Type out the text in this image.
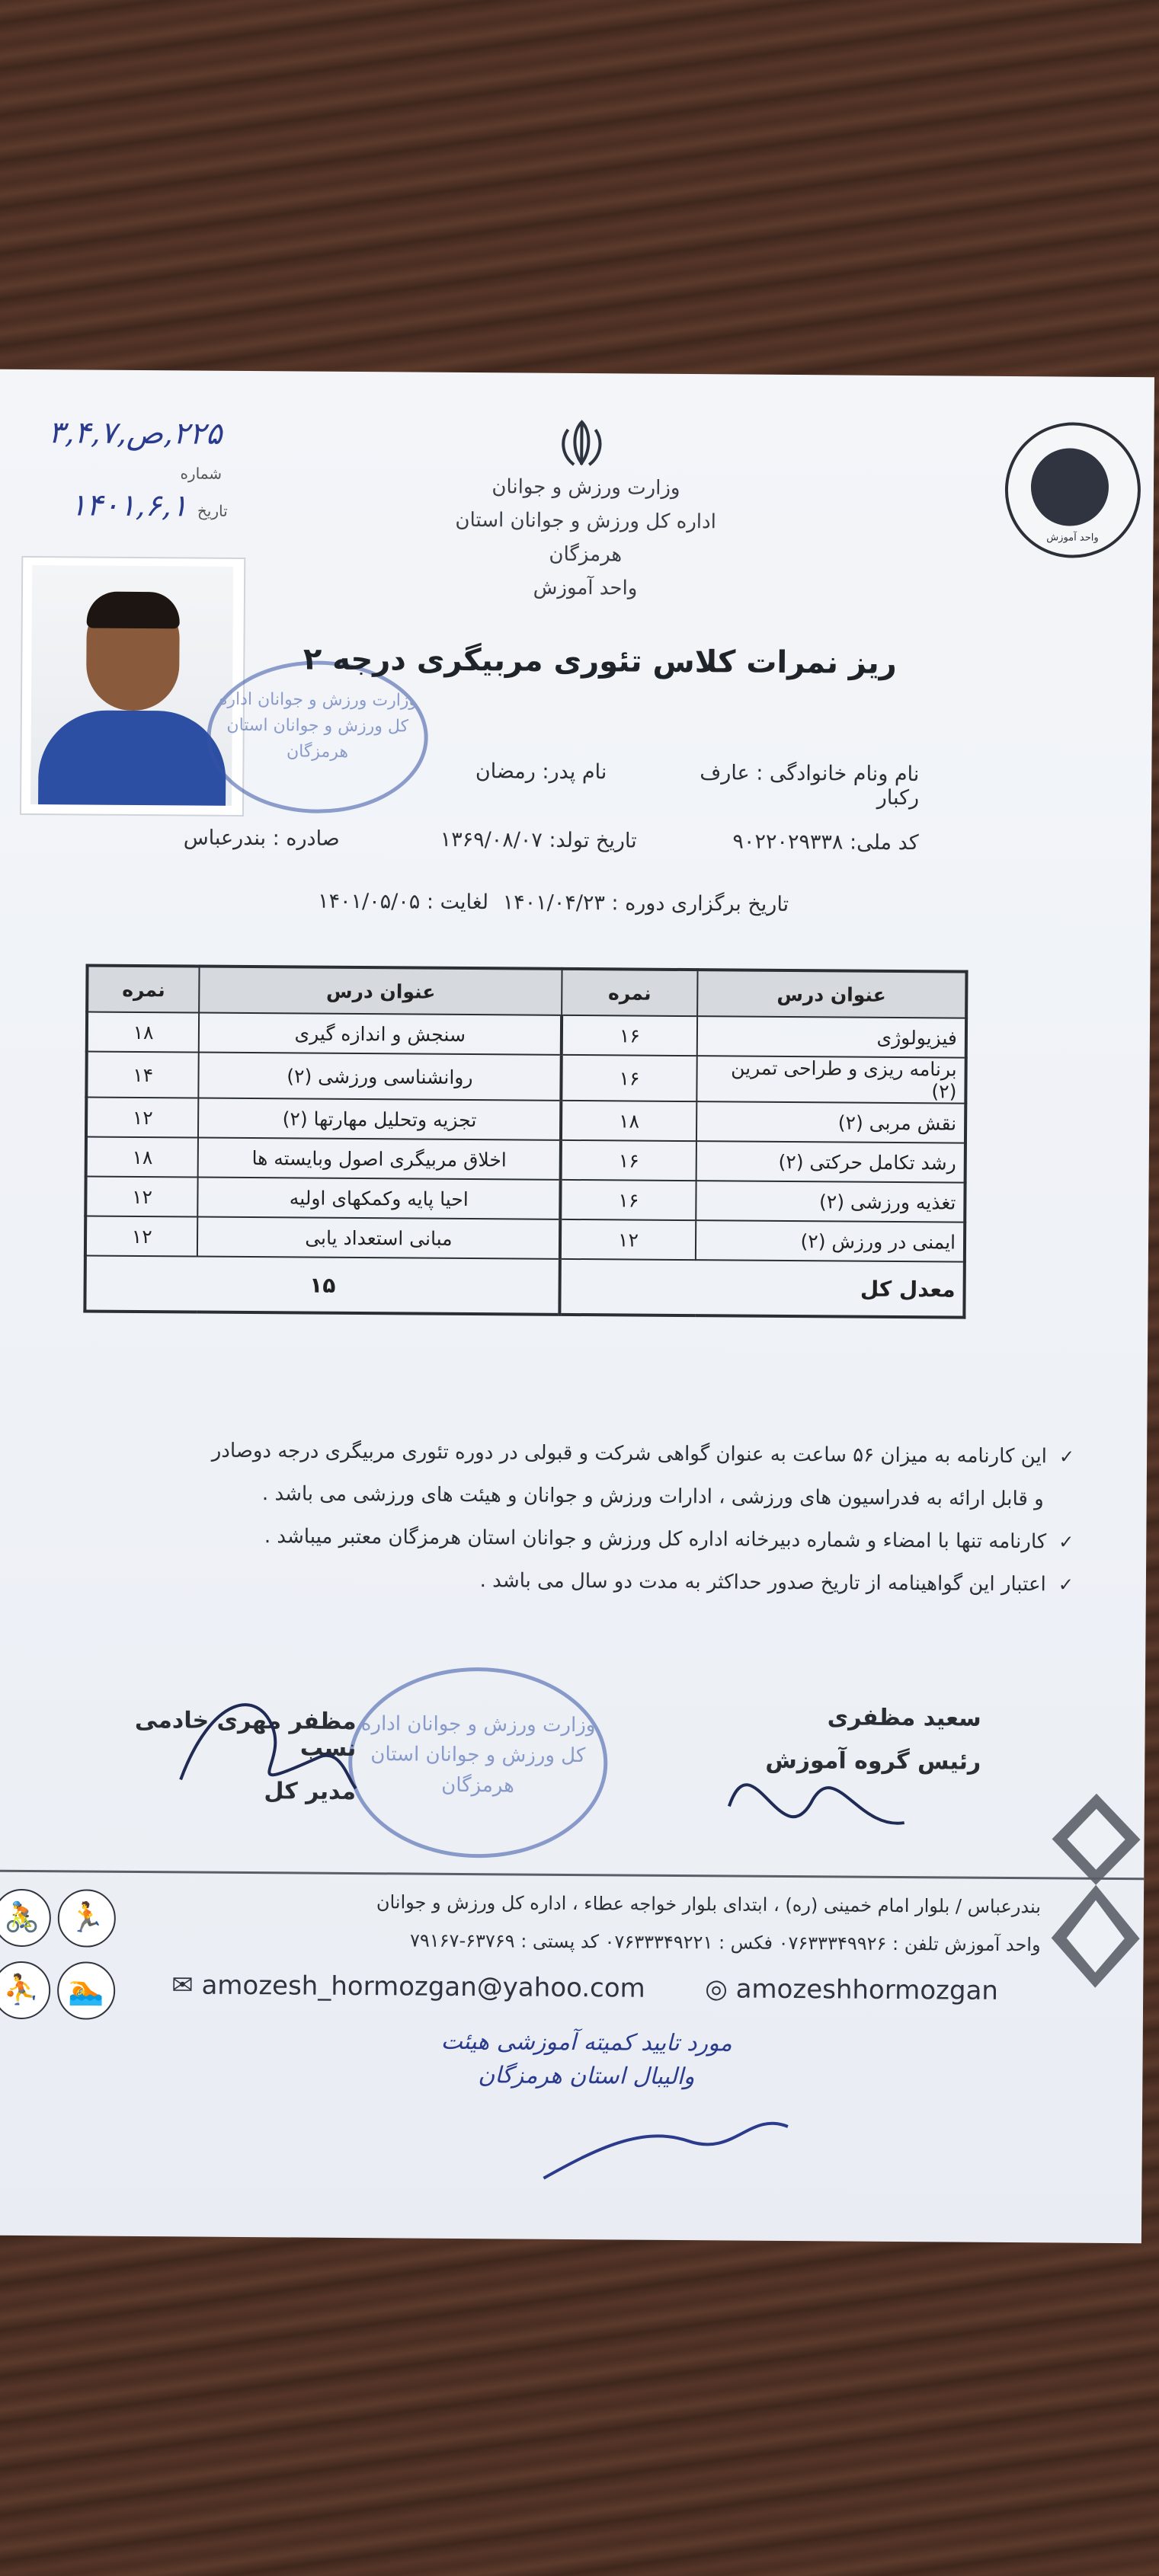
۲۲۵,ص,۳,۴,۷ شماره
تاریخ ۱۴۰۱,۶,۱
وزارت ورزش و جوانان
اداره کل ورزش و جوانان استان هرمزگان
واحد آموزش
واحد آموزش
وزارت ورزش و جوانان اداره کل ورزش و جوانان استان هرمزگان
ریز نمرات کلاس تئوری مربیگری درجه ۲
نام ونام خانوادگی : عارف رکبار
نام پدر: رمضان
کد ملی: ۹۰۲۲۰۲۹۳۳۸
تاریخ تولد: ۱۳۶۹/۰۸/۰۷
صادره : بندرعباس
تاریخ برگزاری دوره : ۱۴۰۱/۰۴/۲۳ لغایت : ۱۴۰۱/۰۵/۰۵
عنوان درس	نمره	عنوان درس	نمره
فیزیولوژی	۱۶	سنجش و اندازه گیری	۱۸
برنامه ریزی و طراحی تمرین (۲)	۱۶	روانشناسی ورزشی (۲)	۱۴
نقش مربی (۲)	۱۸	تجزیه وتحلیل مهارتها (۲)	۱۲
رشد تکامل حرکتی (۲)	۱۶	اخلاق مربیگری اصول وبایسته ها	۱۸
تغذیه ورزشی (۲)	۱۶	احیا پایه وکمکهای اولیه	۱۲
ایمنی در ورزش (۲)	۱۲	مبانی استعداد یابی	۱۲
معدل کل		۱۵	
✓این کارنامه به میزان ۵۶ ساعت به عنوان گواهی شرکت و قبولی در دوره تئوری مربیگری درجه دوصادر
و قابل ارائه به فدراسیون های ورزشی ، ادارات ورزش و جوانان و هیئت های ورزشی می باشد .
✓کارنامه تنها با امضاء و شماره دبیرخانه اداره کل ورزش و جوانان استان هرمزگان معتبر میباشد .
✓اعتبار این گواهینامه از تاریخ صدور حداکثر به مدت دو سال می باشد .
وزارت ورزش و جوانان اداره کل ورزش و جوانان استان هرمزگان
مظفر مهری خادمی نسب
مدیر کل
سعید مظفری
رئیس گروه آموزش
🏃
🚴
🏊
⛹
بندرعباس / بلوار امام خمینی (ره) ، ابتدای بلوار خواجه عطاء ، اداره کل ورزش و جوانان
واحد آموزش تلفن : ۰۷۶۳۳۳۴۹۹۲۶ فکس : ۰۷۶۳۳۳۴۹۲۲۱ کد پستی : ۶۳۷۶۹-۷۹۱۶۷
✉ amozesh_hormozgan@yahoo.com ◎ amozeshhormozgan
مورد تایید کمیته آموزشی هیئت والیبال استان هرمزگان
